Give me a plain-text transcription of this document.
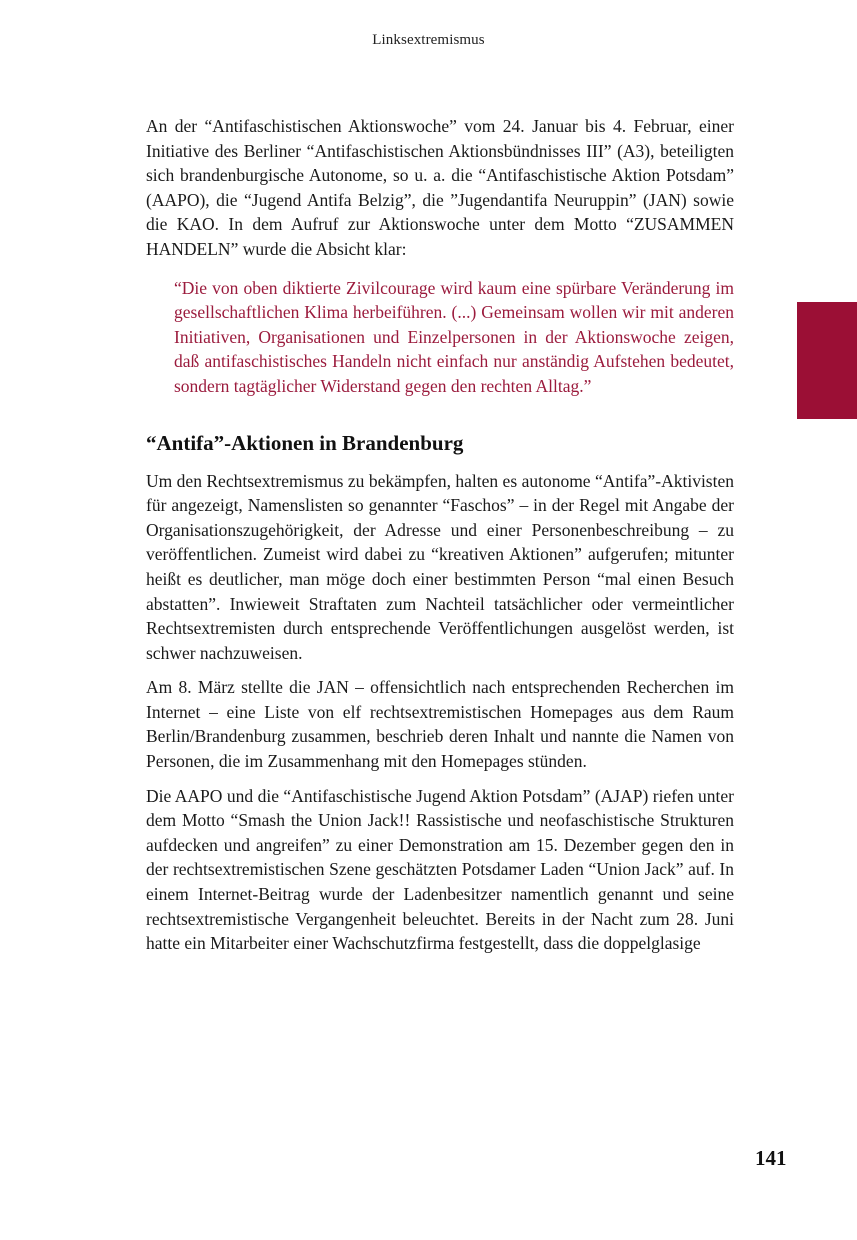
Linksextremismus

An der “Antifaschistischen Aktionswoche” vom 24. Januar bis 4. Februar, einer Initiative des Berliner “Antifaschistischen Aktionsbündnisses III” (A3), beteiligten sich brandenburgische Autonome, so u. a. die “Antifaschistische Aktion Potsdam” (AAPO), die “Jugend Antifa Belzig”, die ”Jugendantifa Neuruppin” (JAN) sowie die KAO. In dem Aufruf zur Aktionswoche unter dem Motto “ZUSAMMEN HANDELN” wurde die Absicht klar:

“Die von oben diktierte Zivilcourage wird kaum eine spürbare Veränderung im gesellschaftlichen Klima herbeiführen. (...) Gemeinsam wollen wir mit anderen Initiativen, Organisationen und Einzelpersonen in der Aktionswoche zeigen, daß antifaschistisches Handeln nicht einfach nur anständig Aufstehen bedeutet, sondern tagtäglicher Widerstand gegen den rechten Alltag.”
“Antifa”-Aktionen in Brandenburg

Um den Rechtsextremismus zu bekämpfen, halten es autonome “Antifa”-Aktivisten für angezeigt, Namenslisten so genannter “Faschos” – in der Regel mit Angabe der Organisationszugehörigkeit, der Adresse und einer Personenbeschreibung – zu veröffentlichen. Zumeist wird dabei zu “kreativen Aktionen” aufgerufen; mitunter heißt es deutlicher, man möge doch einer bestimmten Person “mal einen Besuch abstatten”. Inwieweit Straftaten zum Nachteil tatsächlicher oder vermeintlicher Rechtsextremisten durch entsprechende Veröffentlichungen ausgelöst werden, ist schwer nachzuweisen.

Am 8. März stellte die JAN – offensichtlich nach entsprechenden Recherchen im Internet – eine Liste von elf rechtsextremistischen Homepages aus dem Raum Berlin/Brandenburg zusammen, beschrieb deren Inhalt und nannte die Namen von Personen, die im Zusammenhang mit den Homepages stünden.

Die AAPO und die “Antifaschistische Jugend Aktion Potsdam” (AJAP) riefen unter dem Motto “Smash the Union Jack!! Rassistische und neofaschistische Strukturen aufdecken und angreifen” zu einer Demonstration am 15. Dezember gegen den in der rechtsextremistischen Szene geschätzten Potsdamer Laden “Union Jack” auf. In einem Internet-Beitrag wurde der Ladenbesitzer namentlich genannt und seine rechtsextremistische Vergangenheit beleuchtet. Bereits in der Nacht zum 28. Juni hatte ein Mitarbeiter einer Wachschutzfirma festgestellt, dass die doppelglasige

141
